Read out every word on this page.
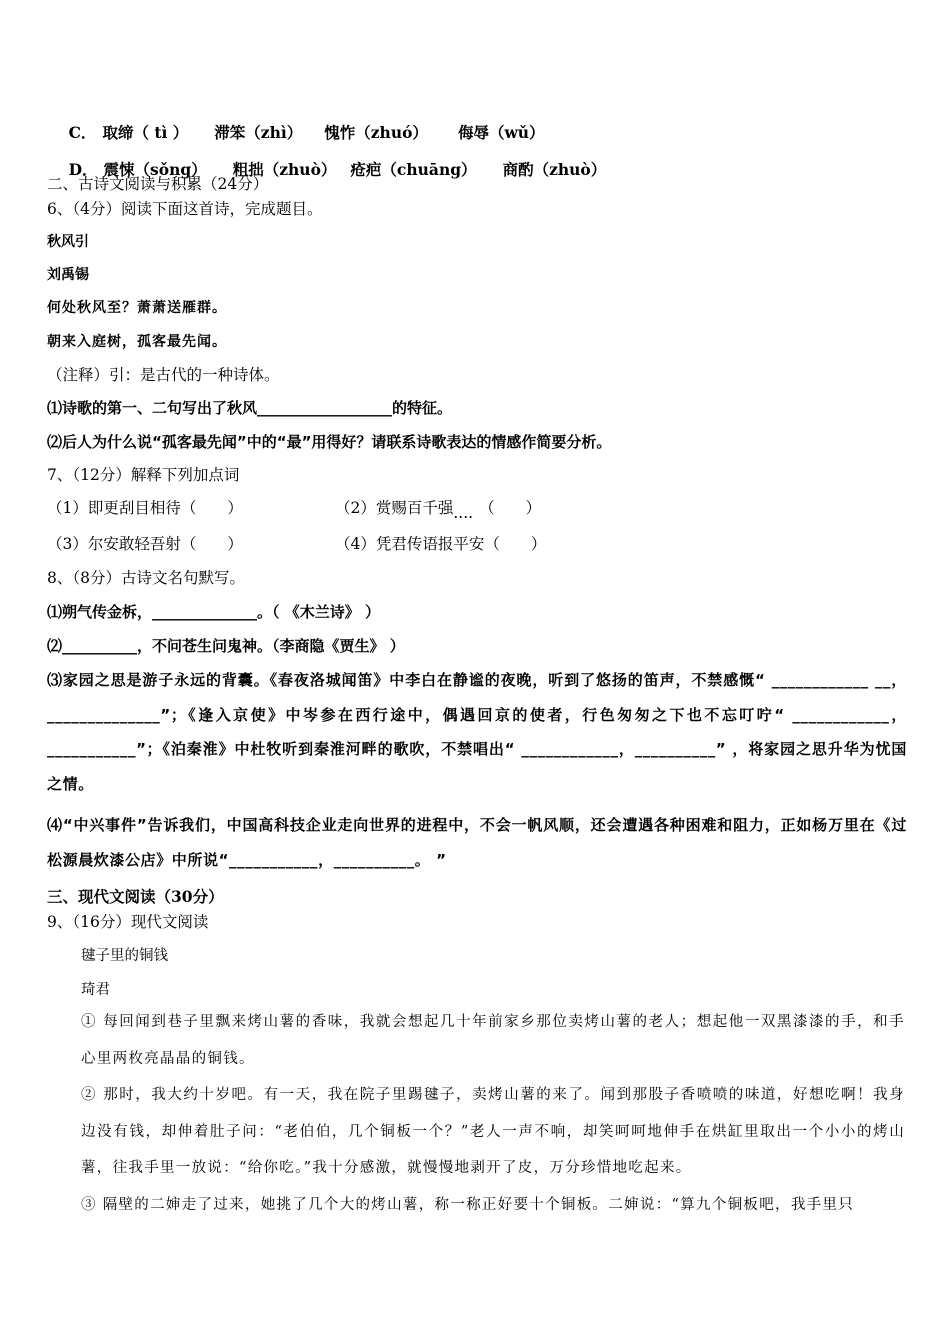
C． 取缔（ tì ） 滞笨（zhì） 愧怍（zhuó） 侮辱（wǔ）

D． 震悚（sǒng） 粗拙（zhuò） 疮疤（chuāng） 商酌（zhuò）

二、古诗文阅读与积累（24分）
6、（4分）阅读下面这首诗，完成题目。
秋风引
刘禹锡
何处秋风至？萧萧送雁群。
朝来入庭树，孤客最先闻。
（注释）引：是古代的一种诗体。
⑴诗歌的第一、二句写出了秋风__________________的特征。
⑵后人为什么说“孤客最先闻”中的“最”用得好？请联系诗歌表达的情感作简要分析。
7、（12分）解释下列加点词
（1）即更刮目相待（　　）	（2）赏赐百千强.... （　　）
（3）尔安敢轻吾射（　　）	（4）凭君传语报平安（　　）
8、（8分）古诗文名句默写。
⑴朔气传金柝，______________。（ 《木兰诗》 ）
⑵__________，不问苍生问鬼神。（李商隐《贾生》 ）
⑶家园之思是游子永远的背囊。《春夜洛城闻笛》中李白在静谧的夜晚，听到了悠扬的笛声，不禁感慨“ ____________ __，______________”；《逢入京使》中岑参在西行途中，偶遇回京的使者，行色匆匆之下也不忘叮咛“ ____________，___________”；《泊秦淮》中杜牧听到秦淮河畔的歌吹，不禁唱出“ ____________，__________” ，将家园之思升华为忧国之情。
⑷“中兴事件”告诉我们，中国高科技企业走向世界的进程中，不会一帆风顺，还会遭遇各种困难和阻力，正如杨万里在《过松源晨炊漆公店》中所说“___________，__________。 ”
三、现代文阅读（30分）
9、（16分）现代文阅读
毽子里的铜钱
琦君
① 每回闻到巷子里飘来烤山薯的香味，我就会想起几十年前家乡那位卖烤山薯的老人；想起他一双黑漆漆的手，和手心里两枚亮晶晶的铜钱。
② 那时，我大约十岁吧。有一天，我在院子里踢毽子，卖烤山薯的来了。闻到那股子香喷喷的味道，好想吃啊！我身边没有钱，却伸着肚子问：“老伯伯，几个铜板一个？”老人一声不响，却笑呵呵地伸手在烘缸里取出一个小小的烤山薯，往我手里一放说：“给你吃。”我十分感激，就慢慢地剥开了皮，万分珍惜地吃起来。
③ 隔壁的二婶走了过来，她挑了几个大的烤山薯，称一称正好要十个铜板。二婶说：“算九个铜板吧，我手里只
